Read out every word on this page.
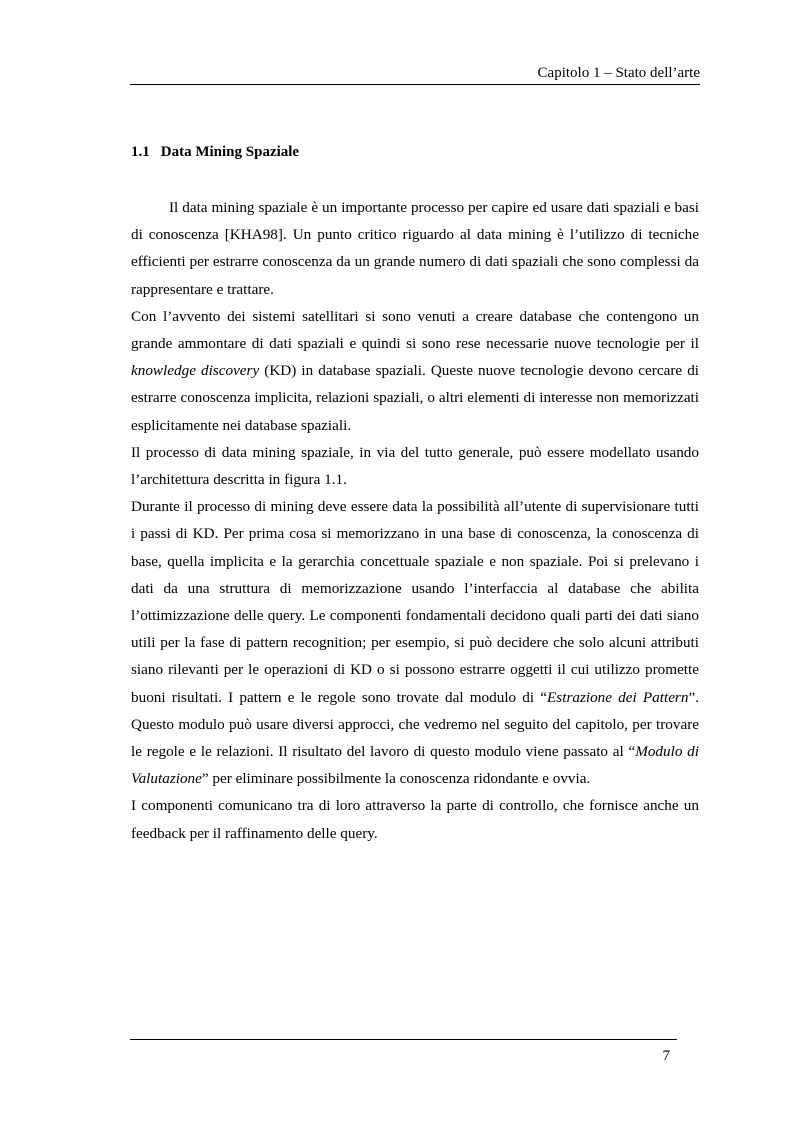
Capitolo 1 – Stato dell’arte
1.1 Data Mining Spaziale

Il data mining spaziale è un importante processo per capire ed usare dati spaziali e basi di conoscenza [KHA98]. Un punto critico riguardo al data mining è l’utilizzo di tecniche efficienti per estrarre conoscenza da un grande numero di dati spaziali che sono complessi da rappresentare e trattare.

Con l’avvento dei sistemi satellitari si sono venuti a creare database che contengono un grande ammontare di dati spaziali e quindi si sono rese necessarie nuove tecnologie per il knowledge discovery (KD) in database spaziali. Queste nuove tecnologie devono cercare di estrarre conoscenza implicita, relazioni spaziali, o altri elementi di interesse non memorizzati esplicitamente nei database spaziali.

Il processo di data mining spaziale, in via del tutto generale, può essere modellato usando l’architettura descritta in figura 1.1.

Durante il processo di mining deve essere data la possibilità all’utente di supervisionare tutti i passi di KD. Per prima cosa si memorizzano in una base di conoscenza, la conoscenza di base, quella implicita e la gerarchia concettuale spaziale e non spaziale. Poi si prelevano i dati da una struttura di memorizzazione usando l’interfaccia al database che abilita l’ottimizzazione delle query. Le componenti fondamentali decidono quali parti dei dati siano utili per la fase di pattern recognition; per esempio, si può decidere che solo alcuni attributi siano rilevanti per le operazioni di KD o si possono estrarre oggetti il cui utilizzo promette buoni risultati. I pattern e le regole sono trovate dal modulo di “Estrazione dei Pattern”. Questo modulo può usare diversi approcci, che vedremo nel seguito del capitolo, per trovare le regole e le relazioni. Il risultato del lavoro di questo modulo viene passato al “Modulo di Valutazione” per eliminare possibilmente la conoscenza ridondante e ovvia.

I componenti comunicano tra di loro attraverso la parte di controllo, che fornisce anche un feedback per il raffinamento delle query.

7
